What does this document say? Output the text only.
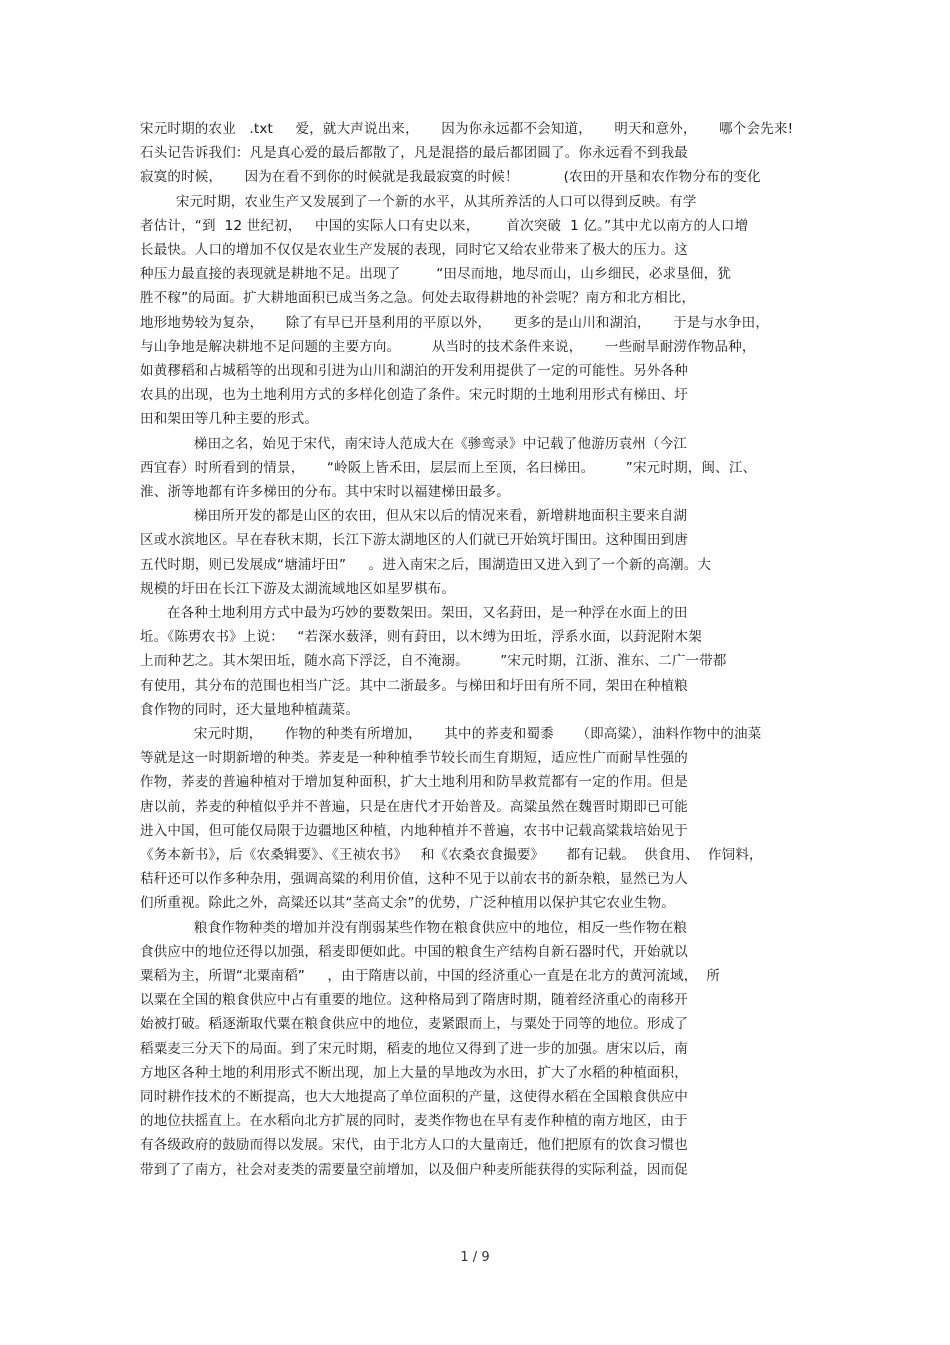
宋元时期的农业   .txt     爱，就大声说出来，     因为你永远都不会知道，     明天和意外，     哪个会先来!
石头记告诉我们：凡是真心爱的最后都散了，凡是混搭的最后都团圆了。你永远看不到我最
寂寞的时候，     因为在看不到你的时候就是我最寂寞的时候！          (农田的开垦和农作物分布的变化
宋元时期，农业生产又发展到了一个新的水平，从其所养活的人口可以得到反映。有学
者估计，“到  12 世纪初，   中国的实际人口有史以来，      首次突破  1 亿。”其中尤以南方的人口增
长最快。人口的增加不仅仅是农业生产发展的表现，同时它又给农业带来了极大的压力。这
种压力最直接的表现就是耕地不足。出现了        “田尽而地，地尽而山，山乡细民，必求垦佃，犹
胜不稼”的局面。扩大耕地面积已成当务之急。何处去取得耕地的补尝呢？南方和北方相比，
地形地势较为复杂，     除了有早已开垦利用的平原以外，     更多的是山川和湖泊，     于是与水争田，
与山争地是解决耕地不足问题的主要方向。       从当时的技术条件来说，     一些耐旱耐涝作物品种，
如黄穋稻和占城稻等的出现和引进为山川和湖泊的开发利用提供了一定的可能性。另外各种
农具的出现，也为土地利用方式的多样化创造了条件。宋元时期的土地利用形式有梯田、圩
田和架田等几种主要的形式。
梯田之名，始见于宋代，南宋诗人范成大在《骖鸾录》中记载了他游历袁州（今江
西宜春）时所看到的情景，     “岭阪上皆禾田，层层而上至顶，名曰梯田。       ”宋元时期，闽、江、
淮、浙等地都有许多梯田的分布。其中宋时以福建梯田最多。
梯田所开发的都是山区的农田，但从宋以后的情况来看，新增耕地面积主要来自湖
区或水滨地区。早在春秋末期，长江下游太湖地区的人们就已开始筑圩围田。这种围田到唐
五代时期，则已发展成“塘浦圩田”     。进入南宋之后，围湖造田又进入到了一个新的高潮。大
规模的圩田在长江下游及太湖流域地区如星罗棋布。
在各种土地利用方式中最为巧妙的要数架田。架田，又名葑田，是一种浮在水面上的田
坵。《陈旉农书》上说：   “若深水薮泽，则有葑田，以木缚为田坵，浮系水面，以葑泥附木架
上而种艺之。其木架田坵，随水高下浮泛，自不淹溺。       ”宋元时期，江浙、淮东、二广一带都
有使用，其分布的范围也相当广泛。其中二浙最多。与梯田和圩田有所不同，架田在种植粮
食作物的同时，还大量地种植蔬菜。
宋元时期，     作物的种类有所增加，     其中的荞麦和蜀黍     （即高粱），油料作物中的油菜
等就是这一时期新增的种类。荞麦是一种种植季节较长而生育期短，适应性广而耐旱性强的
作物，荞麦的普遍种植对于增加复种面积，扩大土地利用和防旱救荒都有一定的作用。但是
唐以前，荞麦的种植似乎并不普遍，只是在唐代才开始普及。高粱虽然在魏晋时期即已可能
进入中国，但可能仅局限于边疆地区种植，内地种植并不普遍，农书中记载高粱栽培始见于
《务本新书》，后《农桑辑要》、《王祯农书》   和《农桑衣食撮要》     都有记载。  供食用、  作饲料，
秸秆还可以作多种杂用，强调高粱的利用价值，这种不见于以前农书的新杂粮，显然已为人
们所重视。除此之外，高粱还以其“茎高丈余”的优势，广泛种植用以保护其它农业生物。
粮食作物种类的增加并没有削弱某些作物在粮食供应中的地位，相反一些作物在粮
食供应中的地位还得以加强，稻麦即便如此。中国的粮食生产结构自新石器时代，开始就以
粟稻为主，所谓“北粟南稻”     ，由于隋唐以前，中国的经济重心一直是在北方的黄河流域，  所
以粟在全国的粮食供应中占有重要的地位。这种格局到了隋唐时期，随着经济重心的南移开
始被打破。稻逐渐取代粟在粮食供应中的地位，麦紧跟而上，与粟处于同等的地位。形成了
稻粟麦三分天下的局面。到了宋元时期，稻麦的地位又得到了进一步的加强。唐宋以后，南
方地区各种土地的利用形式不断出现，加上大量的旱地改为水田，扩大了水稻的种植面积，
同时耕作技术的不断提高，也大大地提高了单位面积的产量，这使得水稻在全国粮食供应中
的地位扶摇直上。在水稻向北方扩展的同时，麦类作物也在早有麦作种植的南方地区，由于
有各级政府的鼓励而得以发展。宋代，由于北方人口的大量南迁，他们把原有的饮食习惯也
带到了了南方，社会对麦类的需要量空前增加，以及佃户种麦所能获得的实际利益，因而促
1 / 9
